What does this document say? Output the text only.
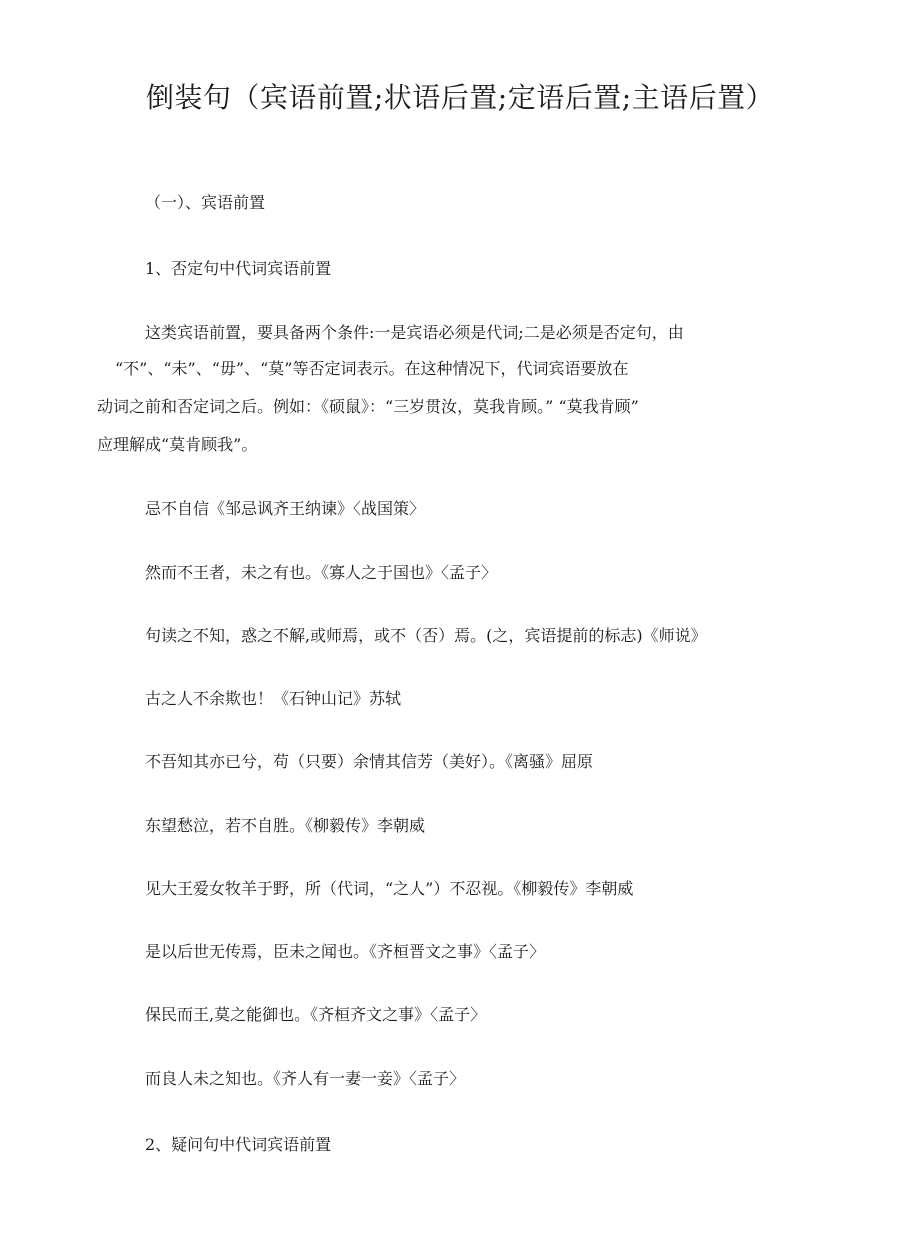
倒装句（宾语前置;状语后置;定语后置;主语后置）
（一）、宾语前置
1、否定句中代词宾语前置
这类宾语前置，要具备两个条件:一是宾语必须是代词;二是必须是否定句，由
“不”、“未”、“毋”、“莫”等否定词表示。在这种情况下，代词宾语要放在
动词之前和否定词之后。例如：《硕鼠》：“三岁贯汝，莫我肯顾。” “莫我肯顾”
应理解成“莫肯顾我”。
忌不自信《邹忌讽齐王纳谏》〈战国策〉
然而不王者，未之有也。《寡人之于国也》〈孟子〉
句读之不知，惑之不解,或师焉，或不（否）焉。(之，宾语提前的标志)《师说》
古之人不余欺也！《石钟山记》苏轼
不吾知其亦已兮，苟（只要）余情其信芳（美好）。《离骚》屈原
东望愁泣，若不自胜。《柳毅传》李朝威
见大王爱女牧羊于野，所（代词，“之人”）不忍视。《柳毅传》李朝威
是以后世无传焉，臣未之闻也。《齐桓晋文之事》〈孟子〉
保民而王,莫之能御也。《齐桓齐文之事》〈孟子〉
而良人未之知也。《齐人有一妻一妾》〈孟子〉
2、疑问句中代词宾语前置
